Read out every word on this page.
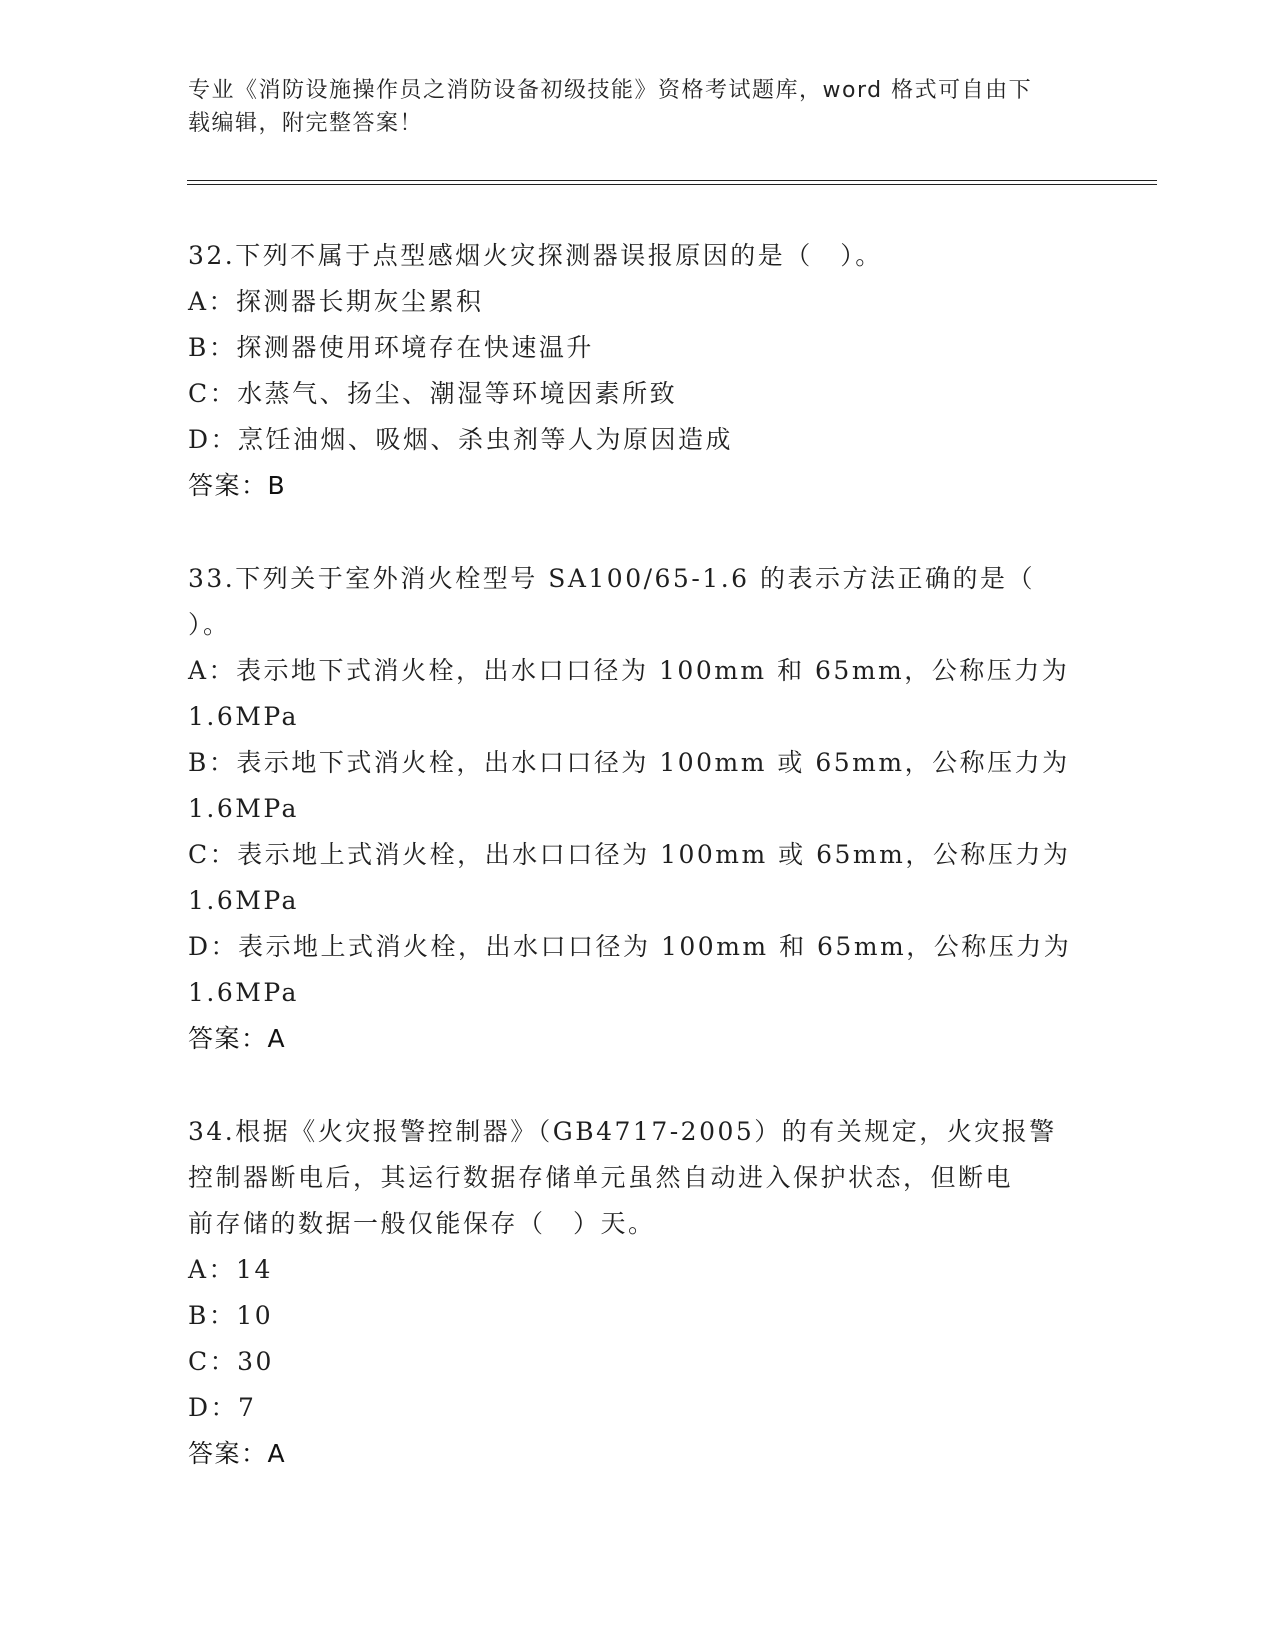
专业《消防设施操作员之消防设备初级技能》资格考试题库，word 格式可自由下
载编辑，附完整答案！
32.下列不属于点型感烟火灾探测器误报原因的是（　）。
A：探测器长期灰尘累积
B：探测器使用环境存在快速温升
C：水蒸气、扬尘、潮湿等环境因素所致
D：烹饪油烟、吸烟、杀虫剂等人为原因造成
答案：B
33.下列关于室外消火栓型号 SA100/65-1.6 的表示方法正确的是（
）。
A：表示地下式消火栓，出水口口径为 100mm 和 65mm，公称压力为
1.6MPa
B：表示地下式消火栓，出水口口径为 100mm 或 65mm，公称压力为
1.6MPa
C：表示地上式消火栓，出水口口径为 100mm 或 65mm，公称压力为
1.6MPa
D：表示地上式消火栓，出水口口径为 100mm 和 65mm，公称压力为
1.6MPa
答案：A
34.根据《火灾报警控制器》（GB4717-2005）的有关规定，火灾报警
控制器断电后，其运行数据存储单元虽然自动进入保护状态，但断电
前存储的数据一般仅能保存（　）天。
A：14
B：10
C：30
D：7
答案：A
